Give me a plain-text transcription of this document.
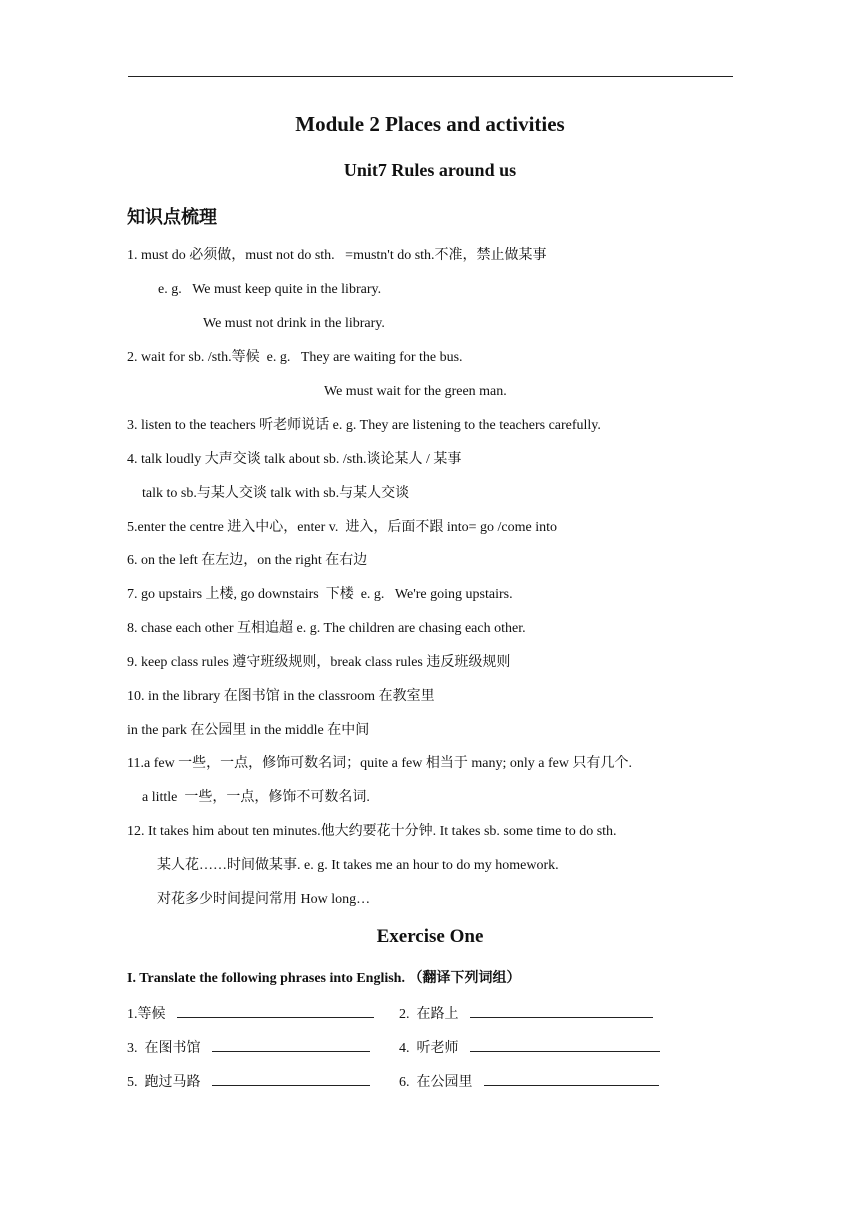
Module 2 Places and activities
Unit7 Rules around us
知识点梳理
1. must do 必须做，must not do sth.   =mustn't do sth.不准，禁止做某事
e. g.   We must keep quite in the library.
We must not drink in the library.
2. wait for sb. /sth.等候  e. g.   They are waiting for the bus.
We must wait for the green man.
3. listen to the teachers 听老师说话 e. g. They are listening to the teachers carefully.
4. talk loudly 大声交谈 talk about sb. /sth.谈论某人 / 某事
talk to sb.与某人交谈 talk with sb.与某人交谈
5.enter the centre 进入中心，enter v.  进入，后面不跟 into= go /come into
6. on the left 在左边，on the right 在右边
7. go upstairs 上楼, go downstairs  下楼  e. g.   We're going upstairs.
8. chase each other 互相追超 e. g. The children are chasing each other.
9. keep class rules 遵守班级规则，break class rules 违反班级规则
10. in the library 在图书馆 in the classroom 在教室里
in the park 在公园里 in the middle 在中间
11.a few 一些，一点，修饰可数名词；quite a few 相当于 many; only a few 只有几个.
a little  一些，一点，修饰不可数名词.
12. It takes him about ten minutes.他大约要花十分钟. It takes sb. some time to do sth.
某人花……时间做某事. e. g. It takes me an hour to do my homework.
对花多少时间提问常用 How long…
Exercise One
I. Translate the following phrases into English. （翻译下列词组）
1.等候	2.  在路上
3.  在图书馆	4.  听老师
5.  跑过马路	6.  在公园里
